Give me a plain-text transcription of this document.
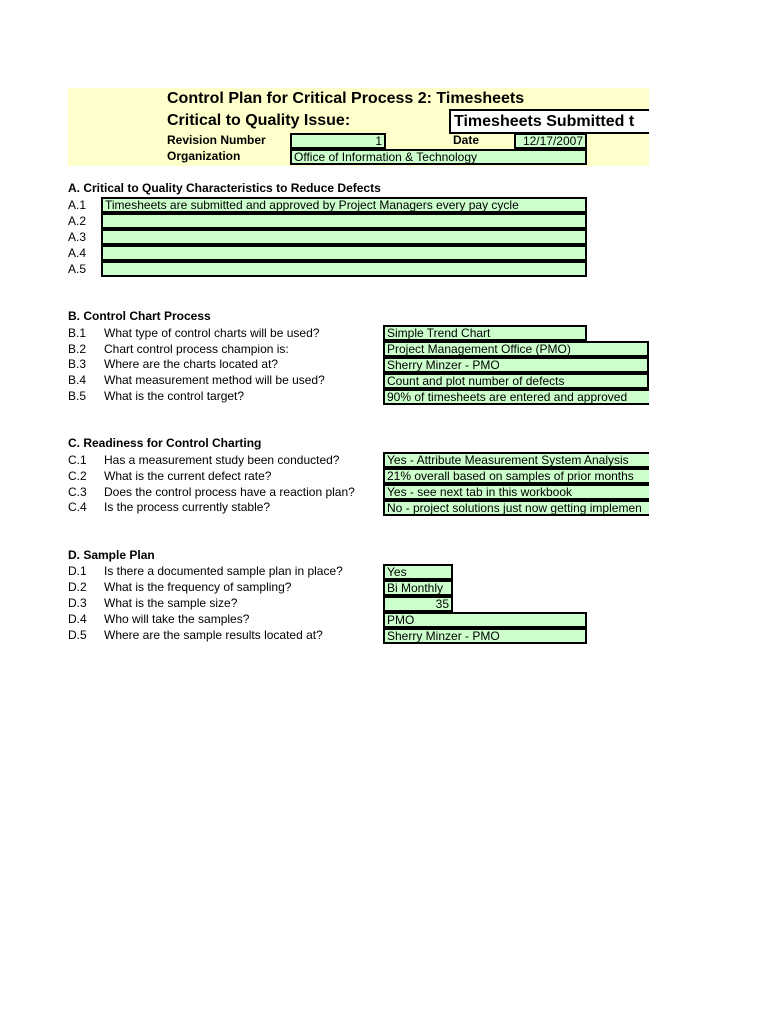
Control Plan for Critical Process 2: Timesheets
Critical to Quality Issue:	Timesheets Submitted t
Revision Number	1	Date	12/17/2007
Organization	Office of Information & Technology
A. Critical to Quality Characteristics to Reduce Defects
A.1	Timesheets are submitted and approved by Project Managers every pay cycle
A.2
A.3
A.4
A.5
B. Control Chart Process
B.1 What type of control charts will be used?	Simple Trend Chart
B.2 Chart control process champion is:	Project Management Office (PMO)
B.3 Where are the charts located at?	Sherry Minzer - PMO
B.4 What measurement method will be used?	Count and plot number of defects
B.5 What is the control target?	90% of timesheets are entered and approved
C. Readiness for Control Charting
C.1 Has a measurement study been conducted?	Yes - Attribute Measurement System Analysis
C.2 What is the current defect rate?	21% overall based on samples of prior months
C.3 Does the control process have a reaction plan?	Yes - see next tab in this workbook
C.4 Is the process currently stable?	No - project solutions just now getting implemen
D. Sample Plan
D.1 Is there a documented sample plan in place?	Yes
D.2 What is the frequency of sampling?	Bi Monthly
D.3 What is the sample size?	35
D.4 Who will take the samples?	PMO
D.5 Where are the sample results located at?	Sherry Minzer - PMO
